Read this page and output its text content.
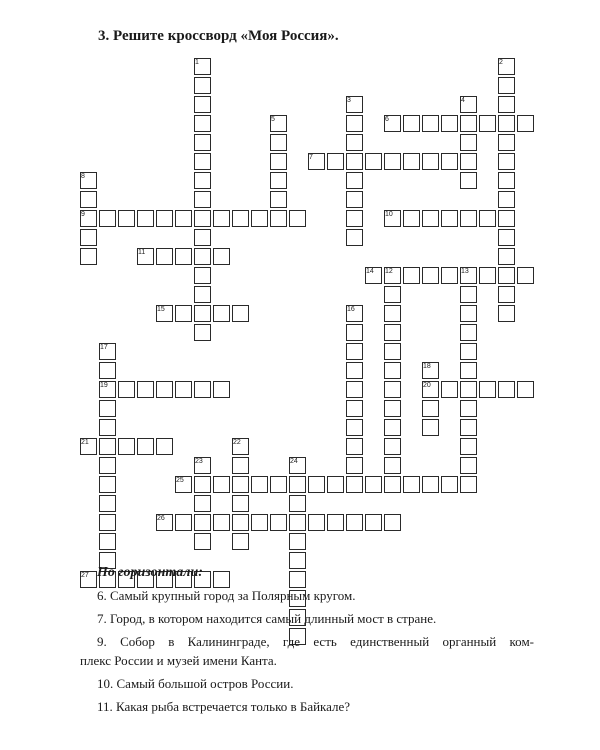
3. Решите кроссворд «Моя Россия».
1	2
3	4
5	6
7
8
9	10
11
12	13
14
15	16
17
18
19	20
21	22
23	24
25
26
27 По горизонтали:
6. Самый крупный город за Полярным кругом.
7. Город, в котором находится самый длинный мост в стране.
9. Собор в Калининграде, где есть единственный органный ком-
плекс России и музей имени Канта.
10. Самый большой остров России.
11. Какая рыба встречается только в Байкале?
